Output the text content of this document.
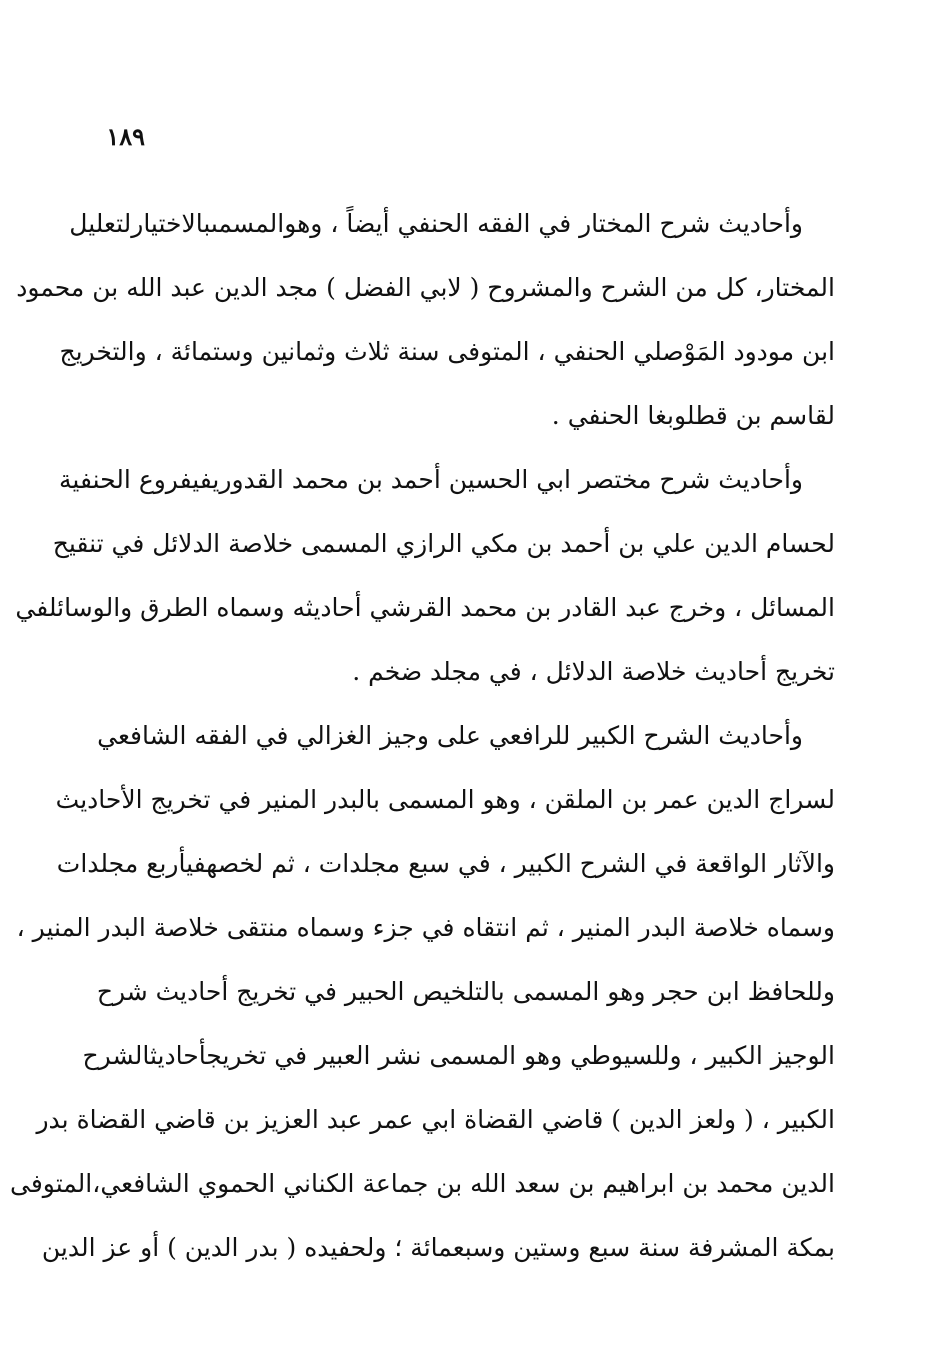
١٨٩
وأحاديث شرح المختار في الفقه الحنفي أيضاً ، وهوالمسمىبالاختيارلتعليل
المختار، كل من الشرح والمشروح ( لابي الفضل ) مجد الدين عبد الله بن محمود
ابن مودود المَوْصلي الحنفي ، المتوفى سنة ثلاث وثمانين وستمائة ، والتخريج
لقاسم بن قطلوبغا الحنفي .
وأحاديث شرح مختصر ابي الحسين أحمد بن محمد القدوريفيفروع الحنفية
لحسام الدين علي بن أحمد بن مكي الرازي المسمى خلاصة الدلائل في تنقيح
المسائل ، وخرج عبد القادر بن محمد القرشي أحاديثه وسماه الطرق والوسائلفي
تخريج أحاديث خلاصة الدلائل ، في مجلد ضخم .
وأحاديث الشرح الكبير للرافعي على وجيز الغزالي في الفقه الشافعي
لسراج الدين عمر بن الملقن ، وهو المسمى بالبدر المنير في تخريج الأحاديث
والآثار الواقعة في الشرح الكبير ، في سبع مجلدات ، ثم لخصهفيأربع مجلدات
وسماه خلاصة البدر المنير ، ثم انتقاه في جزء وسماه منتقى خلاصة البدر المنير ،
وللحافظ ابن حجر وهو المسمى بالتلخيص الحبير في تخريج أحاديث شرح
الوجيز الكبير ، وللسيوطي وهو المسمى نشر العبير في تخريجأحاديثالشرح
الكبير ، ( ولعز الدين ) قاضي القضاة ابي عمر عبد العزيز بن قاضي القضاة بدر
الدين محمد بن ابراهيم بن سعد الله بن جماعة الكناني الحموي الشافعي،المتوفى
بمكة المشرفة سنة سبع وستين وسبعمائة ؛ ولحفيده ( بدر الدين ) أو عز الدين
